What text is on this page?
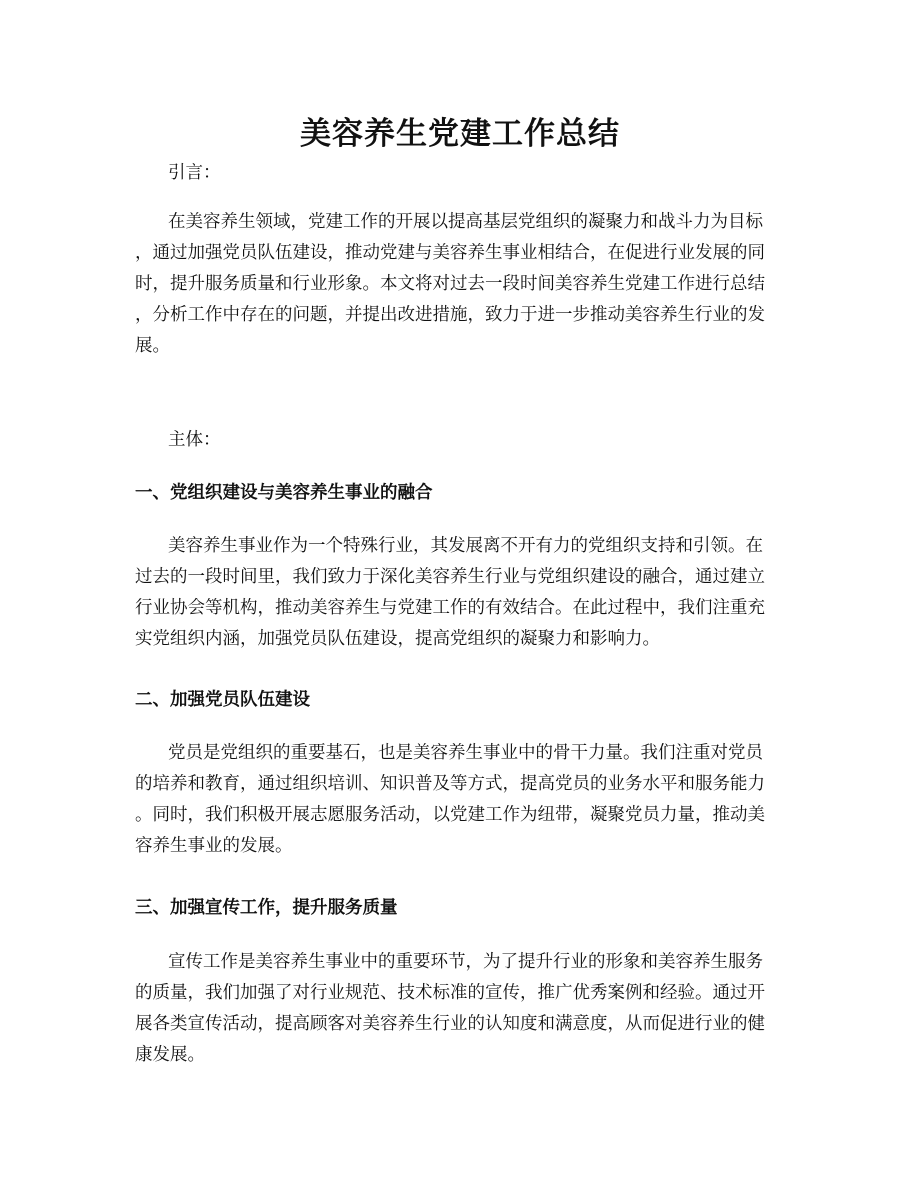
美容养生党建工作总结
引言：
在美容养生领域，党建工作的开展以提高基层党组织的凝聚力和战斗力为目标
，通过加强党员队伍建设，推动党建与美容养生事业相结合，在促进行业发展的同
时，提升服务质量和行业形象。本文将对过去一段时间美容养生党建工作进行总结
，分析工作中存在的问题，并提出改进措施，致力于进一步推动美容养生行业的发
展。
主体：
一、党组织建设与美容养生事业的融合
美容养生事业作为一个特殊行业，其发展离不开有力的党组织支持和引领。在
过去的一段时间里，我们致力于深化美容养生行业与党组织建设的融合，通过建立
行业协会等机构，推动美容养生与党建工作的有效结合。在此过程中，我们注重充
实党组织内涵，加强党员队伍建设，提高党组织的凝聚力和影响力。
二、加强党员队伍建设
党员是党组织的重要基石，也是美容养生事业中的骨干力量。我们注重对党员
的培养和教育，通过组织培训、知识普及等方式，提高党员的业务水平和服务能力
。同时，我们积极开展志愿服务活动，以党建工作为纽带，凝聚党员力量，推动美
容养生事业的发展。
三、加强宣传工作，提升服务质量
宣传工作是美容养生事业中的重要环节，为了提升行业的形象和美容养生服务
的质量，我们加强了对行业规范、技术标准的宣传，推广优秀案例和经验。通过开
展各类宣传活动，提高顾客对美容养生行业的认知度和满意度，从而促进行业的健
康发展。
